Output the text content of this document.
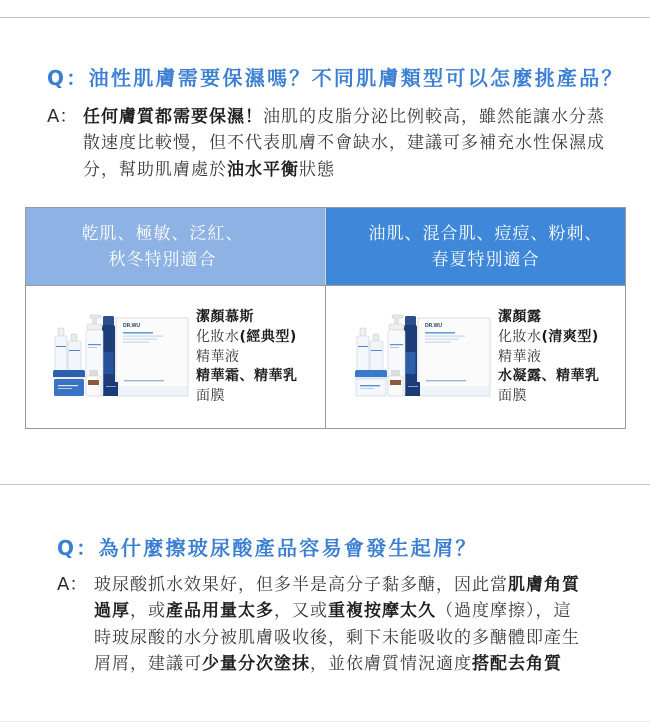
Q： 油性肌膚需要保濕嗎？不同肌膚類型可以怎麼挑產品？
A： 任何膚質都需要保濕！ 油肌的皮脂分泌比例較高，雖然能讓水分蒸
散速度比較慢，但不代表肌膚不會缺水，建議可多補充水性保濕成
分，幫助肌膚處於 油水平衡 狀態
乾肌、極敏、泛紅、
秋冬特別適合
油肌、混合肌、痘痘、粉刺、
春夏特別適合
DR.WU
潔顏慕斯
化妝水 (經典型)
精華液
精華霜、精華乳
面膜
DR.WU
潔顏露
化妝水 (清爽型)
精華液
水凝露、精華乳
面膜
Q： 為什麼擦玻尿酸產品容易會發生起屑？
A： 玻尿酸抓水效果好，但多半是高分子黏多醣，因此當 肌膚角質
過厚 ，或 產品用量太多 ，又或 重複按摩太久 （過度摩擦），這
時玻尿酸的水分被肌膚吸收後，剩下未能吸收的多醣體即產生
屑屑，建議可 少量分次塗抹 ，並依膚質情況適度 搭配去角質
